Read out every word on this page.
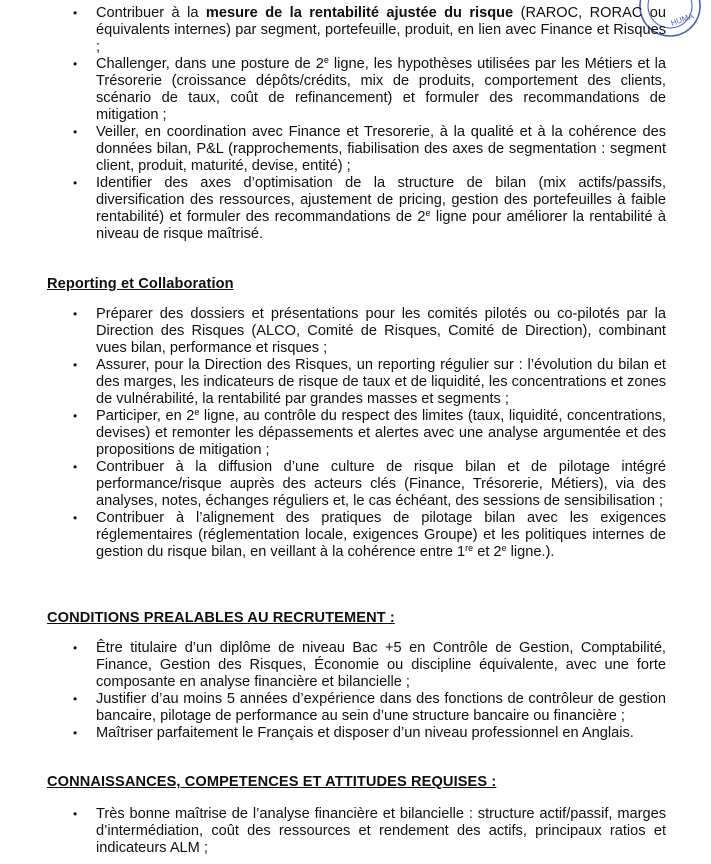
HUMA
• Contribuer à la mesure de la rentabilité ajustée du risque (RAROC, RORAC ou équivalents internes) par segment, portefeuille, produit, en lien avec Finance et Risques ;
• Challenger, dans une posture de 2e ligne, les hypothèses utilisées par les Métiers et la Trésorerie (croissance dépôts/crédits, mix de produits, comportement des clients, scénario de taux, coût de refinancement) et formuler des recommandations de mitigation ;
• Veiller, en coordination avec Finance et Tresorerie, à la qualité et à la cohérence des données bilan, P&L (rapprochements, fiabilisation des axes de segmentation : segment client, produit, maturité, devise, entité) ;
• Identifier des axes d’optimisation de la structure de bilan (mix actifs/passifs, diversification des ressources, ajustement de pricing, gestion des portefeuilles à faible rentabilité) et formuler des recommandations de 2e ligne pour améliorer la rentabilité à niveau de risque maîtrisé.
Reporting et Collaboration
• Préparer des dossiers et présentations pour les comités pilotés ou co-pilotés par la Direction des Risques (ALCO, Comité de Risques, Comité de Direction), combinant vues bilan, performance et risques ;
• Assurer, pour la Direction des Risques, un reporting régulier sur : l’évolution du bilan et des marges, les indicateurs de risque de taux et de liquidité, les concentrations et zones de vulnérabilité, la rentabilité par grandes masses et segments ;
• Participer, en 2e ligne, au contrôle du respect des limites (taux, liquidité, concentrations, devises) et remonter les dépassements et alertes avec une analyse argumentée et des propositions de mitigation ;
• Contribuer à la diffusion d’une culture de risque bilan et de pilotage intégré performance/risque auprès des acteurs clés (Finance, Trésorerie, Métiers), via des analyses, notes, échanges réguliers et, le cas échéant, des sessions de sensibilisation ;
• Contribuer à l’alignement des pratiques de pilotage bilan avec les exigences réglementaires (réglementation locale, exigences Groupe) et les politiques internes de gestion du risque bilan, en veillant à la cohérence entre 1re et 2e ligne.).
CONDITIONS PREALABLES AU RECRUTEMENT :
• Être titulaire d’un diplôme de niveau Bac +5 en Contrôle de Gestion, Comptabilité, Finance, Gestion des Risques, Économie ou discipline équivalente, avec une forte composante en analyse financière et bilancielle ;
• Justifier d’au moins 5 années d’expérience dans des fonctions de contrôleur de gestion bancaire, pilotage de performance au sein d’une structure bancaire ou financière ;
• Maîtriser parfaitement le Français et disposer d’un niveau professionnel en Anglais.
CONNAISSANCES, COMPETENCES ET ATTITUDES REQUISES :
• Très bonne maîtrise de l’analyse financière et bilancielle : structure actif/passif, marges d’intermédiation, coût des ressources et rendement des actifs, principaux ratios et indicateurs ALM ;
